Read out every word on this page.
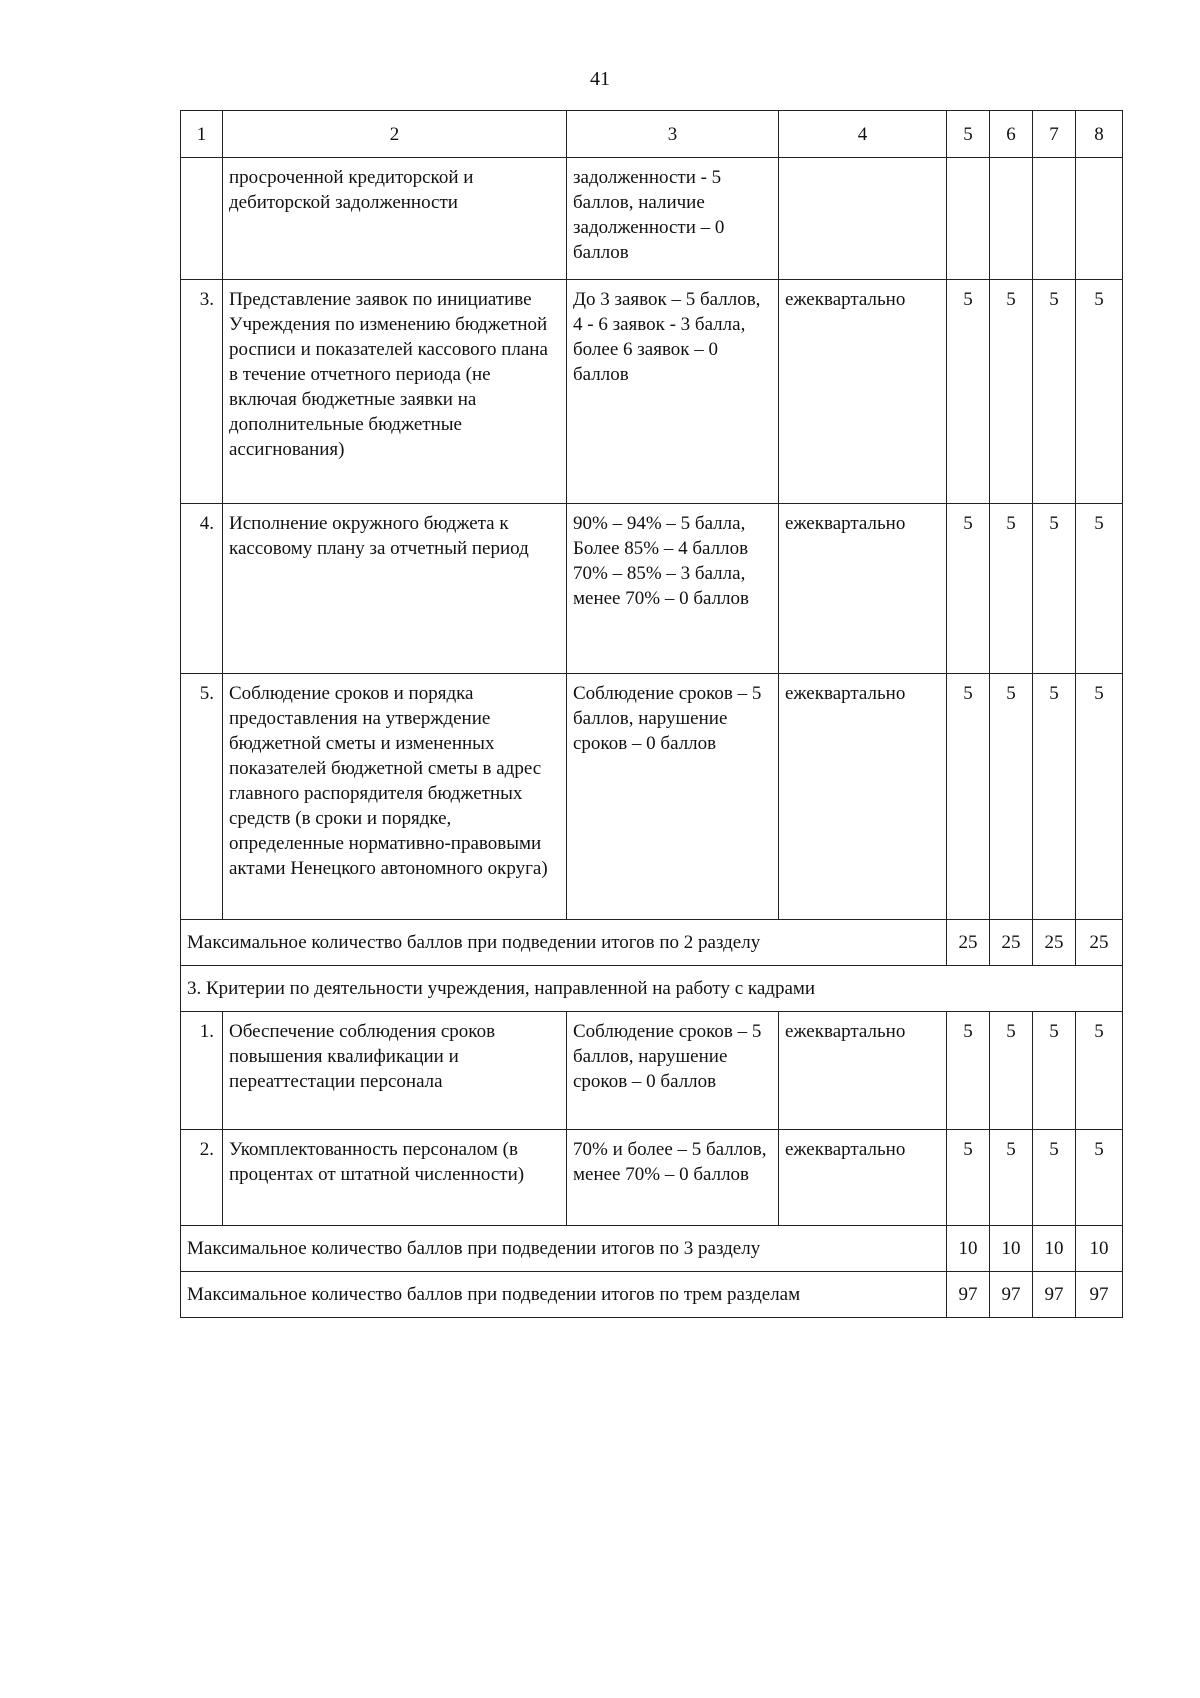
41
1	2	3	4	5	6	7	8
	просроченной кредиторской и дебиторской задолженности	задолженности - 5 баллов, наличие задолженности – 0 баллов					
3.	Представление заявок по инициативе Учреждения по изменению бюджетной росписи и показателей кассового плана в течение отчетного периода (не включая бюджетные заявки на дополнительные бюджетные ассигнования)	До 3 заявок – 5 баллов, 4 - 6 заявок - 3 балла, более 6 заявок – 0 баллов	ежеквартально	5	5	5	5
4.	Исполнение окружного бюджета к кассовому плану за отчетный период	90% – 94% – 5 балла, Более 85% – 4 баллов 70% – 85% – 3 балла, менее 70% – 0 баллов	ежеквартально	5	5	5	5
5.	Соблюдение сроков и порядка предоставления на утверждение бюджетной сметы и измененных показателей бюджетной сметы в адрес главного распорядителя бюджетных средств (в сроки и порядке, определенные нормативно-правовыми актами Ненецкого автономного округа)	Соблюдение сроков – 5 баллов, нарушение сроков – 0 баллов	ежеквартально	5	5	5	5
Максимальное количество баллов при подведении итогов по 2 разделу				25	25	25	25
3. Критерии по деятельности учреждения, направленной на работу с кадрами							
1.	Обеспечение соблюдения сроков повышения квалификации и переаттестации персонала	Соблюдение сроков – 5 баллов, нарушение сроков – 0 баллов	ежеквартально	5	5	5	5
2.	Укомплектованность персоналом (в процентах от штатной численности)	70% и более – 5 баллов, менее 70% – 0 баллов	ежеквартально	5	5	5	5
Максимальное количество баллов при подведении итогов по 3 разделу				10	10	10	10
Максимальное количество баллов при подведении итогов по трем разделам				97	97	97	97
